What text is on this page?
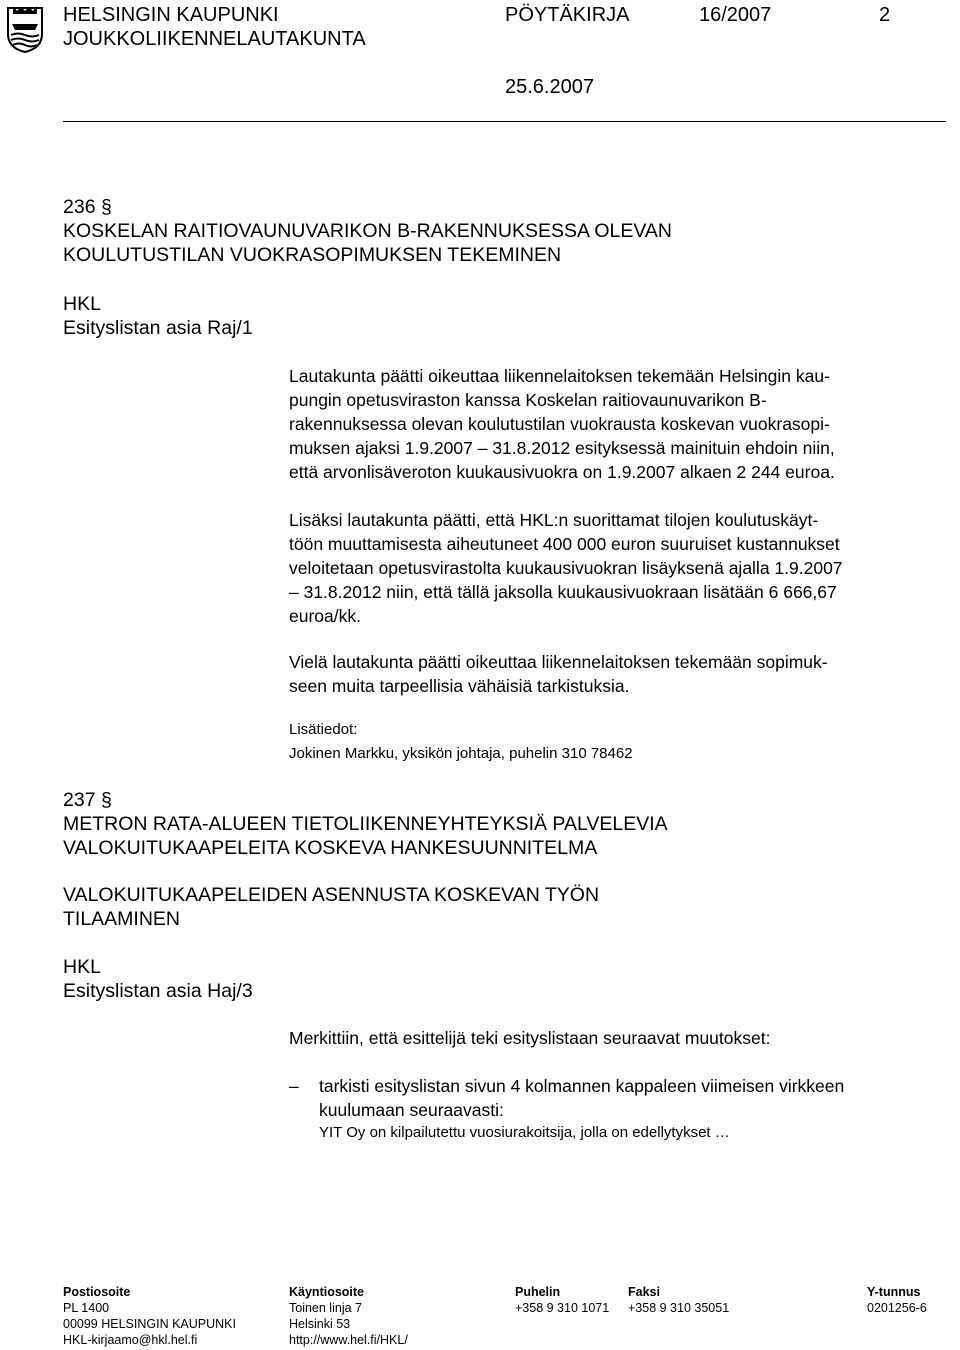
HELSINGIN KAUPUNKI
JOUKKOLIIKENNELAUTAKUNTA
PÖYTÄKIRJA	16/2007	2
25.6.2007
236 §
KOSKELAN RAITIOVAUNUVARIKON B-RAKENNUKSESSA OLEVAN
KOULUTUSTILAN VUOKRASOPIMUKSEN TEKEMINEN
HKL
Esityslistan asia Raj/1

Lautakunta päätti oikeuttaa liikennelaitoksen tekemään Helsingin kau-

pungin opetusviraston kanssa Koskelan raitiovaunuvarikon B-

rakennuksessa olevan koulutustilan vuokrausta koskevan vuokrasopi-

muksen ajaksi 1.9.2007 – 31.8.2012 esityksessä mainituin ehdoin niin,

että arvonlisäveroton kuukausivuokra on 1.9.2007 alkaen 2 244 euroa.

Lisäksi lautakunta päätti, että HKL:n suorittamat tilojen koulutuskäyt-

töön muuttamisesta aiheutuneet 400 000 euron suuruiset kustannukset

veloitetaan opetusvirastolta kuukausivuokran lisäyksenä ajalla 1.9.2007

– 31.8.2012 niin, että tällä jaksolla kuukausivuokraan lisätään 6 666,67

euroa/kk.

Vielä lautakunta päätti oikeuttaa liikennelaitoksen tekemään sopimuk-

seen muita tarpeellisia vähäisiä tarkistuksia.

Lisätiedot:
Jokinen Markku, yksikön johtaja, puhelin 310 78462
237 §
METRON RATA-ALUEEN TIETOLIIKENNEYHTEYKSIÄ PALVELEVIA
VALOKUITUKAAPELEITA KOSKEVA HANKESUUNNITELMA
VALOKUITUKAAPELEIDEN ASENNUSTA KOSKEVAN TYÖN
TILAAMINEN
HKL
Esityslistan asia Haj/3
Merkittiin, että esittelijä teki esityslistaan seuraavat muutokset:
– tarkisti esityslistan sivun 4 kolmannen kappaleen viimeisen virkkeen
kuulumaan seuraavasti:
YIT Oy on kilpailutettu vuosiurakoitsija, jolla on edellytykset …
Postiosoite
PL 1400
00099 HELSINGIN KAUPUNKI
HKL-kirjaamo@hkl.hel.fi
Käyntiosoite
Toinen linja 7
Helsinki 53
http://www.hel.fi/HKL/
Puhelin
+358 9 310 1071
Faksi
+358 9 310 35051
Y-tunnus
0201256-6
